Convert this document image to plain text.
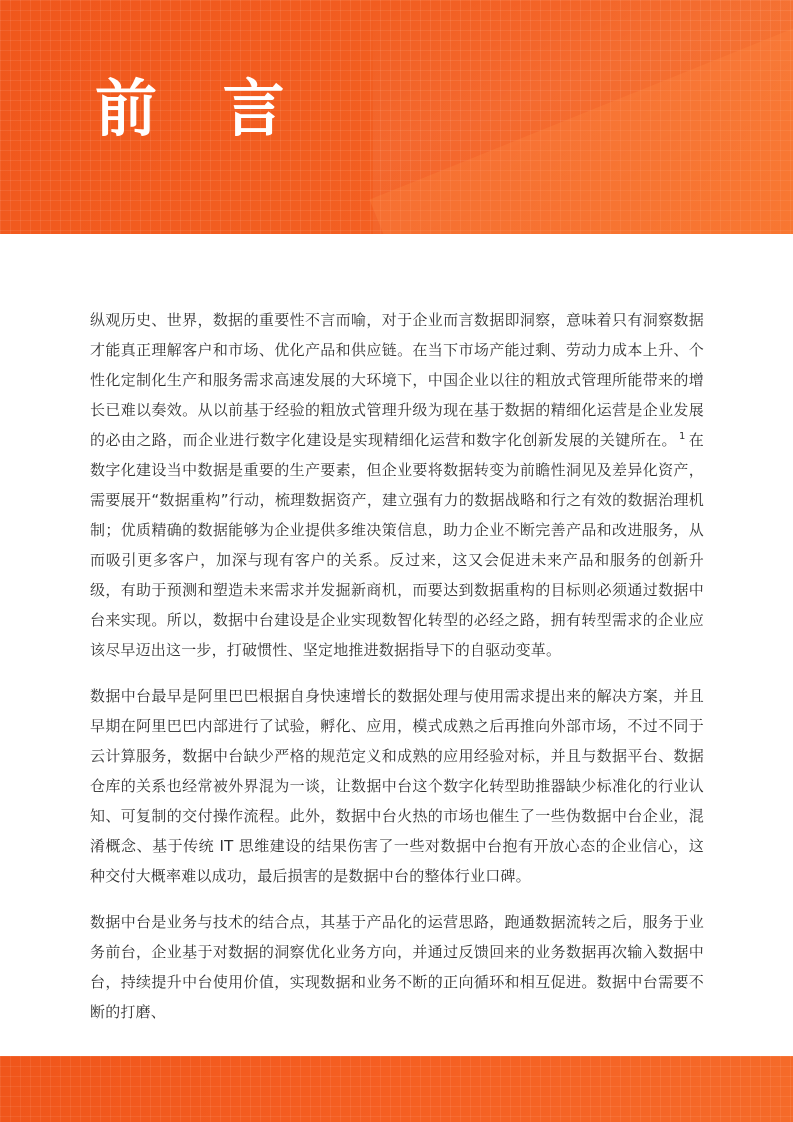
前 言

纵观历史、世界，数据的重要性不言而喻，对于企业而言数据即洞察，意味着只有洞察数据才能真正理解客户和市场、优化产品和供应链。在当下市场产能过剩、劳动力成本上升、个性化定制化生产和服务需求高速发展的大环境下，中国企业以往的粗放式管理所能带来的增长已难以奏效。从以前基于经验的粗放式管理升级为现在基于数据的精细化运营是企业发展的必由之路，而企业进行数字化建设是实现精细化运营和数字化创新发展的关键所在。 $^1$ 在数字化建设当中数据是重要的生产要素，但企业要将数据转变为前瞻性洞见及差异化资产，需要展开“数据重构”行动，梳理数据资产，建立强有力的数据战略和行之有效的数据治理机制；优质精确的数据能够为企业提供多维决策信息，助力企业不断完善产品和改进服务，从而吸引更多客户，加深与现有客户的关系。反过来，这又会促进未来产品和服务的创新升级，有助于预测和塑造未来需求并发掘新商机，而要达到数据重构的目标则必须通过数据中台来实现。所以，数据中台建设是企业实现数智化转型的必经之路，拥有转型需求的企业应该尽早迈出这一步，打破惯性、坚定地推进数据指导下的自驱动变革。

数据中台最早是阿里巴巴根据自身快速增长的数据处理与使用需求提出来的解决方案，并且早期在阿里巴巴内部进行了试验，孵化、应用，模式成熟之后再推向外部市场，不过不同于云计算服务，数据中台缺少严格的规范定义和成熟的应用经验对标，并且与数据平台、数据仓库的关系也经常被外界混为一谈，让数据中台这个数字化转型助推器缺少标准化的行业认知、可复制的交付操作流程。此外，数据中台火热的市场也催生了一些伪数据中台企业，混淆概念、基于传统 IT 思维建设的结果伤害了一些对数据中台抱有开放心态的企业信心，这种交付大概率难以成功，最后损害的是数据中台的整体行业口碑。

数据中台是业务与技术的结合点，其基于产品化的运营思路，跑通数据流转之后，服务于业务前台，企业基于对数据的洞察优化业务方向，并通过反馈回来的业务数据再次输入数据中台，持续提升中台使用价值，实现数据和业务不断的正向循环和相互促进。数据中台需要不断的打磨、
